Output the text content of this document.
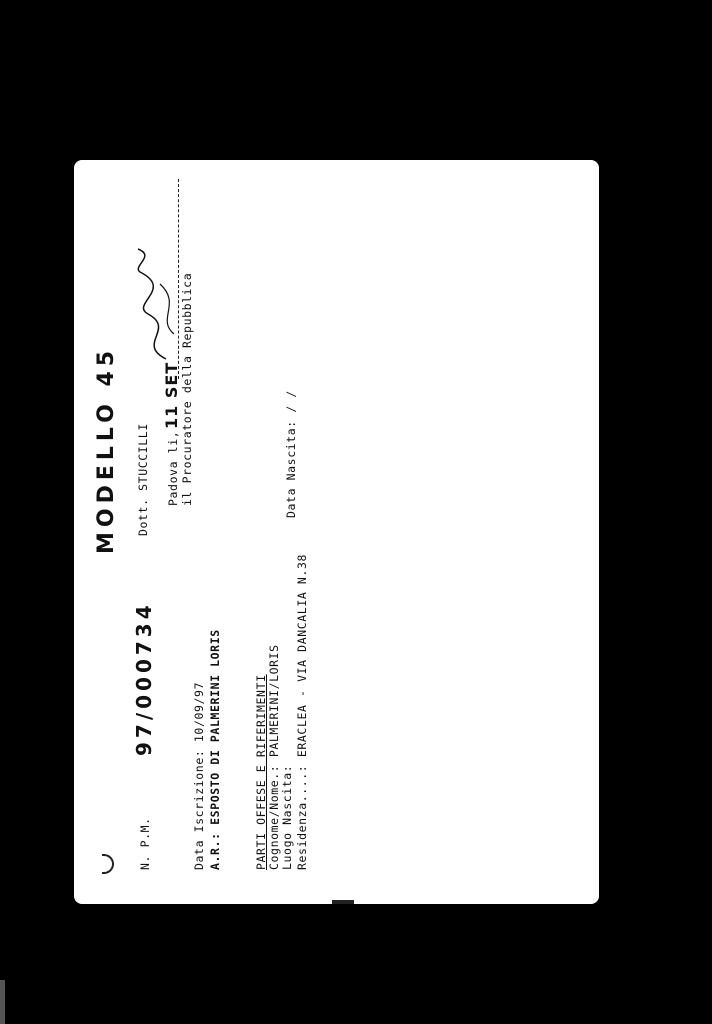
MODELLO 45
N. P.M.
97/000734
Dott. STUCCILLI Padova li,
11 SET il Procuratore della Repubblica
Data Iscrizione: 10/09/97 A.R.: ESPOSTO DI PALMERINI LORIS	PARTI OFFESE E RIFERIMENTI Cognome/Nome.: PALMERINI/LORIS Luogo Nascita:
Data Nascita: / /
Residenza....: ERACLEA - VIA DANCALIA N.38
